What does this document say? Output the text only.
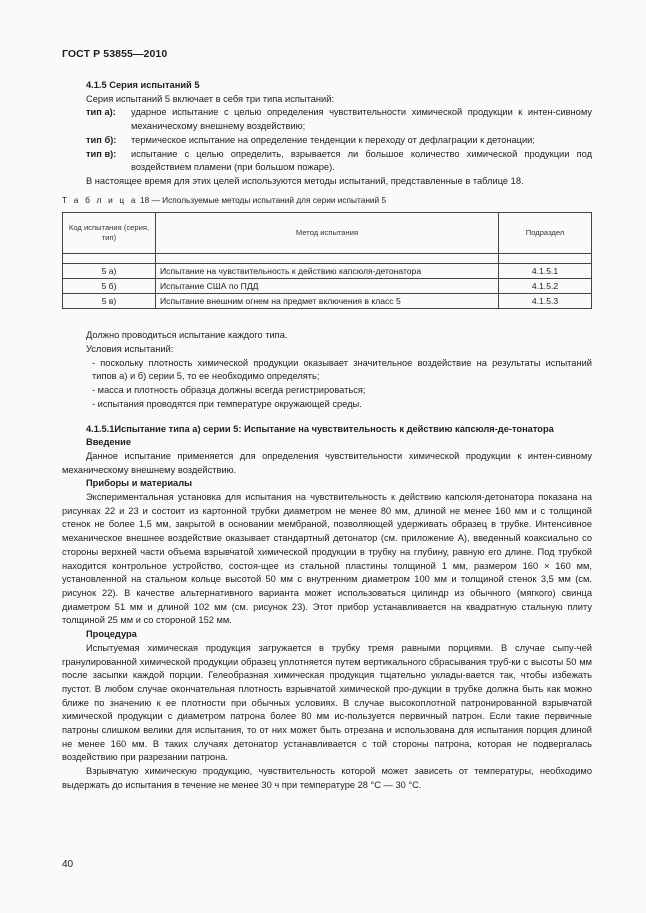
ГОСТ Р 53855—2010

4.1.5 Серия испытаний 5

Серия испытаний 5 включает в себя три типа испытаний:

тип а):	ударное испытание с целью определения чувствительности химической продукции к интен-сивному механическому внешнему воздействию;
тип б):	термическое испытание на определение тенденции к переходу от дефлаграции к детонации;
тип в):	испытание с целью определить, взрывается ли большое количество химической продукции под воздействием пламени (при большом пожаре).

В настоящее время для этих целей используются методы испытаний, представленные в таблице 18.

Т а б л и ц а 18 — Используемые методы испытаний для серии испытаний 5
Код испытания (серия, тип)	Метод испытания	Подраздел

5 а)	Испытание на чувствительность к действию капсюля-детонатора	4.1.5.1
5 б)	Испытание США по ПДД	4.1.5.2
5 в)	Испытание внешним огнем на предмет включения в класс 5	4.1.5.3

Должно проводиться испытание каждого типа.

Условия испытаний:

- поскольку плотность химической продукции оказывает значительное воздействие на результаты испытаний типов а) и б) серии 5, то ее необходимо определять;

- масса и плотность образца должны всегда регистрироваться;

- испытания проводятся при температуре окружающей среды.

4.1.5.1Испытание типа а) серии 5: Испытание на чувствительность к действию капсюля-де-тонатора

Введение

Данное испытание применяется для определения чувствительности химической продукции к интен-сивному механическому внешнему воздействию.

Приборы и материалы

Экспериментальная установка для испытания на чувствительность к действию капсюля-детонатора показана на рисунках 22 и 23 и состоит из картонной трубки диаметром не менее 80 мм, длиной не менее 160 мм и с толщиной стенок не более 1,5 мм, закрытой в основании мембраной, позволяющей удерживать образец в трубке. Интенсивное механическое внешнее воздействие оказывает стандартный детонатор (см. приложение А), введенный коаксиально со стороны верхней части объема взрывчатой химической продукции в трубку на глубину, равную его длине. Под трубкой находится контрольное устройство, состоя-щее из стальной пластины толщиной 1 мм, размером 160 × 160 мм, установленной на стальном кольце высотой 50 мм с внутренним диаметром 100 мм и толщиной стенок 3,5 мм (см. рисунок 22). В качестве альтернативного варианта может использоваться цилиндр из обычного (мягкого) свинца диаметром 51 мм и длиной 102 мм (см. рисунок 23). Этот прибор устанавливается на квадратную стальную плиту толщиной 25 мм и со стороной 152 мм.

Процедура

Испытуемая химическая продукция загружается в трубку тремя равными порциями. В случае сыпу-чей гранулированной химической продукции образец уплотняется путем вертикального сбрасывания труб-ки с высоты 50 мм после засыпки каждой порции. Гелеобразная химическая продукция тщательно уклады-вается так, чтобы избежать пустот. В любом случае окончательная плотность взрывчатой химической про-дукции в трубке должна быть как можно ближе по значению к ее плотности при обычных условиях. В случае высокоплотной патронированной взрывчатой химической продукции с диаметром патрона более 80 мм ис-пользуется первичный патрон. Если такие первичные патроны слишком велики для испытания, то от них может быть отрезана и использована для испытания порция длиной не менее 160 мм. В таких случаях детонатор устанавливается с той стороны патрона, которая не подвергалась воздействию при разрезании патрона.

Взрывчатую химическую продукцию, чувствительность которой может зависеть от температуры, необходимо выдержать до испытания в течение не менее 30 ч при температуре 28 °С — 30 °С.

40
